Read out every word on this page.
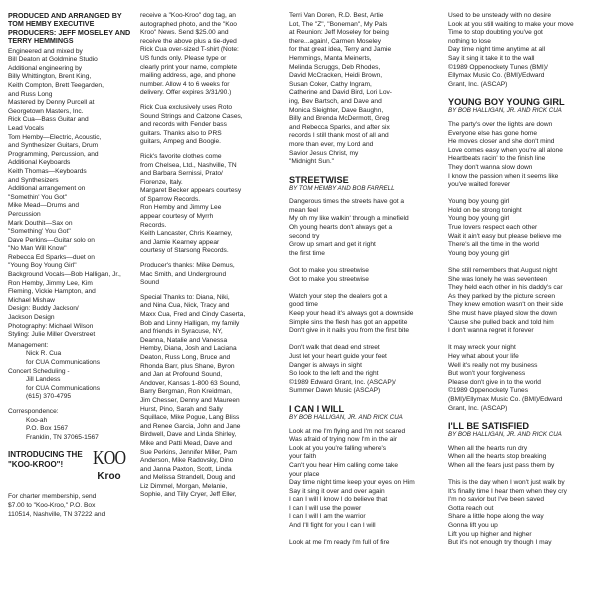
PRODUCED AND ARRANGED BY TOM HEMBY EXECUTIVE PRODUCERS: JEFF MOSELEY AND TERRY HEMMINGS
Engineered and mixed by
Bill Deaton at Goldmine Studio
Additional engineering by
Billy Whittington, Brent King,
Keith Compton, Brett Teegarden,
and Russ Long
Mastered by Denny Purcell at
Georgetown Masters, Inc.
Rick Cua—Bass Guitar and
Lead Vocals
Tom Hemby—Electric, Acoustic,
and Synthesizer Guitars, Drum
Programming, Percussion, and
Additional Keyboards
Keith Thomas—Keyboards
and Synthesizers
Additional arrangement on
"Somethin' You Got"
Mike Mead—Drums and
Percussion
Mark Douthit—Sax on
"Something' You Got"
Dave Perkins—Guitar solo on
"No Man Will Know"
Rebecca Ed Sparks—duet on
"Young Boy Young Girl"
Background Vocals—Bob Halligan, Jr.,
Ron Hemby, Jimmy Lee, Kim
Fleming, Vickie Hampton, and
Michael Mishaw
Design: Buddy Jackson/
Jackson Design
Photography: Michael Wilson
Styling: Julie Miller Overstreet
Management:
Nick R. Cua
for CUA Communications
Concert Scheduling -
Jill Landess
for CUA Communications
(615) 370-4795
Correspondence:
Koo-ah
P.O. Box 1567
Franklin, TN 37065-1567
INTRODUCING THE "KOO-KROO"!
For charter membership, send
$7.00 to "Koo-Kroo," P.O. Box
110514, Nashville, TN 37222 and
KOO
Kroo
receive a "Koo-Kroo" dog tag, an
autographed photo, and the "Koo
Kroo" News. Send $25.00 and
receive the above plus a tie-dyed
Rick Cua over-sized T-shirt (Note:
US funds only. Please type or
clearly print your name, complete
mailing address, age, and phone
number. Allow 4 to 6 weeks for
delivery. Offer expires 3/31/90.)
Rick Cua exclusively uses Roto
Sound Strings and Calzone Cases,
and records with Fender bass
guitars. Thanks also to PRS
guitars, Ampeg and Boogie.
Rick's favorite clothes come
from Chelsea, Ltd., Nashville, TN
and Barbara Sernissi, Prato/
Fiorenze, Italy.
Margaret Becker appears courtesy
of Sparrow Records.
Ron Hemby and Jimmy Lee
appear courtesy of Myrrh
Records.
Keith Lancaster, Chris Kearney,
and Jamie Kearney appear
courtesy of Starsong Records.
Producer's thanks: Mike Demus,
Mac Smith, and Underground
Sound
Special Thanks to: Diana, Niki,
and Nina Cua, Nick, Tracy and
Maxx Cua, Fred and Cindy Caserta,
Bob and Linny Halligan, my family
and friends in Syracuse, NY,
Deanna, Natalie and Vanessa
Hemby, Diana, Josh and Laciana
Deaton, Russ Long, Bruce and
Rhonda Barr, plus Shane, Byron
and Jan at Profound Sound,
Andover, Kansas 1-800 63 Sound,
Barry Bergman, Ron Kreidman,
Jim Chesser, Denny and Maureen
Hurst, Pino, Sarah and Sally
Squillace, Mike Pogue, Lang Bliss
and Renee Garcia, John and Jane
Birdwell, Dave and Linda Shirley,
Mike and Patti Mead, Dave and
Sue Perkins, Jennifer Miller, Pam
Anderson, Mike Radovsky, Dino
and Janna Paxton, Scott, Linda
and Melissa Strandell, Doug and
Liz Dimmel, Morgan, Melanie,
Sophie, and Tilly Cryer, Jeff Eller,
Terri Van Doren, R.D. Best, Artie
Lot, The "Z", "Boneman", My Pals
at Reunion: Jeff Moseley for being
there...again!, Carmen Moseley
for that great idea, Terry and Jamie
Hemmings, Manta Meinerts,
Melinda Scruggs, Deb Rhodes,
David McCracken, Heidi Brown,
Susan Coker, Cathy Ingram,
Catherine and David Bird, Lori Lov-
ing, Bev Bartsch, and Dave and
Monica Sleighter, Dave Baughn,
Billy and Brenda McDermott, Greg
and Rebecca Sparks, and after six
records I still thank most of all and
more than ever, my Lord and
Savior Jesus Christ, my
"Midnight Sun."
STREETWISE
BY TOM HEMBY AND BOB FARRELL
Dangerous times the streets have got a
mean feel
My oh my like walkin' through a minefield
Oh young hearts don't always get a
second try
Grow up smart and get it right
the first time

Got to make you streetwise
Got to make you streetwise

Watch your step the dealers got a
good time
Keep your head it's always got a downside
Simple sins the flesh has got an appetite
Don't give in it nails you from the first bite

Don't walk that dead end street
Just let your heart guide your feet
Danger is always in sight
So look to the left and the right
©1989 Edward Grant, Inc. (ASCAP)/
Summer Dawn Music (ASCAP)
I CAN I WILL
BY BOB HALLIGAN, JR. AND RICK CUA
Look at me I'm flying and I'm not scared
Was afraid of trying now I'm in the air
Look at you you're falling where's
your faith
Can't you hear Him calling come take
your place
Day time night time keep your eyes on Him
Say it sing it over and over again
I can I will I know I do believe that
I can I will use the power
I can I will I am the warrior
And I'll fight for you I can I will

Look at me I'm ready I'm full of fire
Used to be unsteady with no desire
Look at you still waiting to make your move
Time to stop doubting you've got
nothing to lose
Day time night time anytime at all
Say it sing it take it to the wall
©1989 Oppenockety Tunes (BMI)/
Ellymax Music Co. (BMI)/Edward
Grant, Inc. (ASCAP)
YOUNG BOY YOUNG GIRL
BY BOB HALLIGAN, JR. AND RICK CUA
The party's over the lights are down
Everyone else has gone home
He moves closer and she don't mind
Love comes easy when you're all alone
Heartbeats racin' to the finish line
They don't wanna slow down
I know the passion when it seems like
you've waited forever

Young boy young girl
Hold on be strong tonight
Young boy young girl
True lovers respect each other
Wait it ain't easy but please believe me
There's all the time in the world
Young boy young girl

She still remembers that August night
She was lonely he was seventeen
They held each other in his daddy's car
As they parked by the picture screen
They knew emotion wasn't on their side
She must have played slow the down
'Cause she pulled back and told him
I don't wanna regret it forever

It may wreck your night
Hey what about your life
Well it's really not my business
But won't your forgiveness
Please don't give in to the world
©1989 Oppenockety Tunes
(BMI)/Ellymax Music Co. (BMI)/Edward
Grant, Inc. (ASCAP)
I'LL BE SATISFIED
BY BOB HALLIGAN, JR. AND RICK CUA
When all the hearts run dry
When all the hearts stop breaking
When all the fears just pass them by

This is the day when I won't just walk by
It's finally time I hear them when they cry
I'm no savior but I've been saved
Gotta reach out
Share a little hope along the way
Gonna lift you up
Lift you up higher and higher
But it's not enough try though I may
